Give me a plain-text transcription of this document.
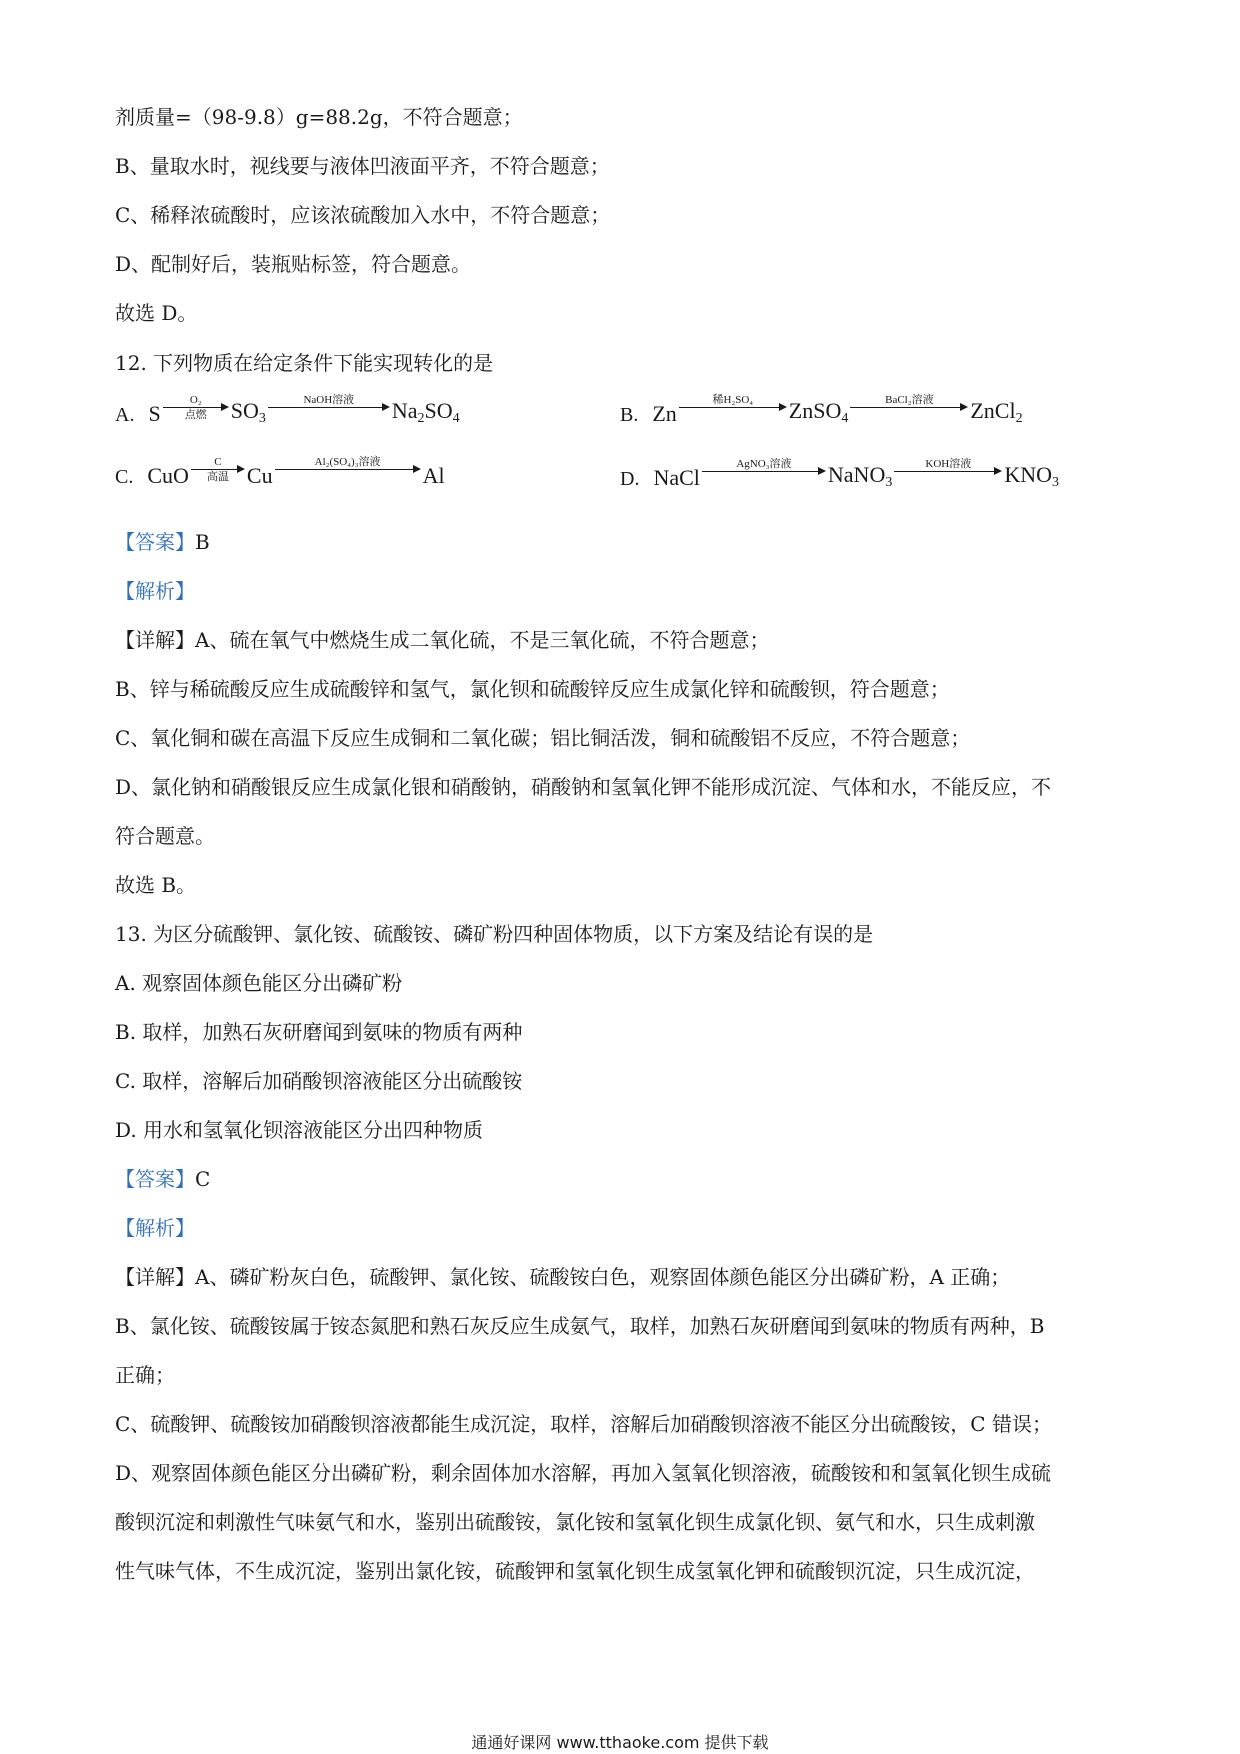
剂质量=（98-9.8）g=88.2g，不符合题意；
B、量取水时，视线要与液体凹液面平齐，不符合题意；
C、稀释浓硫酸时，应该浓硫酸加入水中，不符合题意；
D、配制好后，装瓶贴标签，符合题意。
故选 D。
12. 下列物质在给定条件下能实现转化的是
A. S
O₂
点燃 $SO_3$
NaOH溶液 $Na_2SO_4$	B. Zn
稀H₂SO₄ ZnSO$_4$
BaCl₂溶液 ZnCl$_2$
C. CuO
C
高温 Cu
Al₂(SO₄)₃溶液
Al	D. NaCl
AgNO₃溶液 NaNO$_3$
KOH溶液 $KNO_3$
【答案】B
【解析】
【详解】A、硫在氧气中燃烧生成二氧化硫，不是三氧化硫，不符合题意；
B、锌与稀硫酸反应生成硫酸锌和氢气，氯化钡和硫酸锌反应生成氯化锌和硫酸钡，符合题意；
C、氧化铜和碳在高温下反应生成铜和二氧化碳；铝比铜活泼，铜和硫酸铝不反应，不符合题意；
D、氯化钠和硝酸银反应生成氯化银和硝酸钠，硝酸钠和氢氧化钾不能形成沉淀、气体和水，不能反应，不
符合题意。
故选 B。
13. 为区分硫酸钾、氯化铵、硫酸铵、磷矿粉四种固体物质，以下方案及结论有误的是
A. 观察固体颜色能区分出磷矿粉
B. 取样，加熟石灰研磨闻到氨味的物质有两种
C. 取样，溶解后加硝酸钡溶液能区分出硫酸铵
D. 用水和氢氧化钡溶液能区分出四种物质
【答案】C
【解析】
【详解】A、磷矿粉灰白色，硫酸钾、氯化铵、硫酸铵白色，观察固体颜色能区分出磷矿粉，A 正确；
B、氯化铵、硫酸铵属于铵态氮肥和熟石灰反应生成氨气，取样，加熟石灰研磨闻到氨味的物质有两种，B
正确；
C、硫酸钾、硫酸铵加硝酸钡溶液都能生成沉淀，取样，溶解后加硝酸钡溶液不能区分出硫酸铵，C 错误；
D、观察固体颜色能区分出磷矿粉，剩余固体加水溶解，再加入氢氧化钡溶液，硫酸铵和和氢氧化钡生成硫
酸钡沉淀和刺激性气味氨气和水，鉴别出硫酸铵，氯化铵和氢氧化钡生成氯化钡、氨气和水，只生成刺激
性气味气体，不生成沉淀，鉴别出氯化铵，硫酸钾和氢氧化钡生成氢氧化钾和硫酸钡沉淀，只生成沉淀，
通通好课网 www.tthaoke.com 提供下载
